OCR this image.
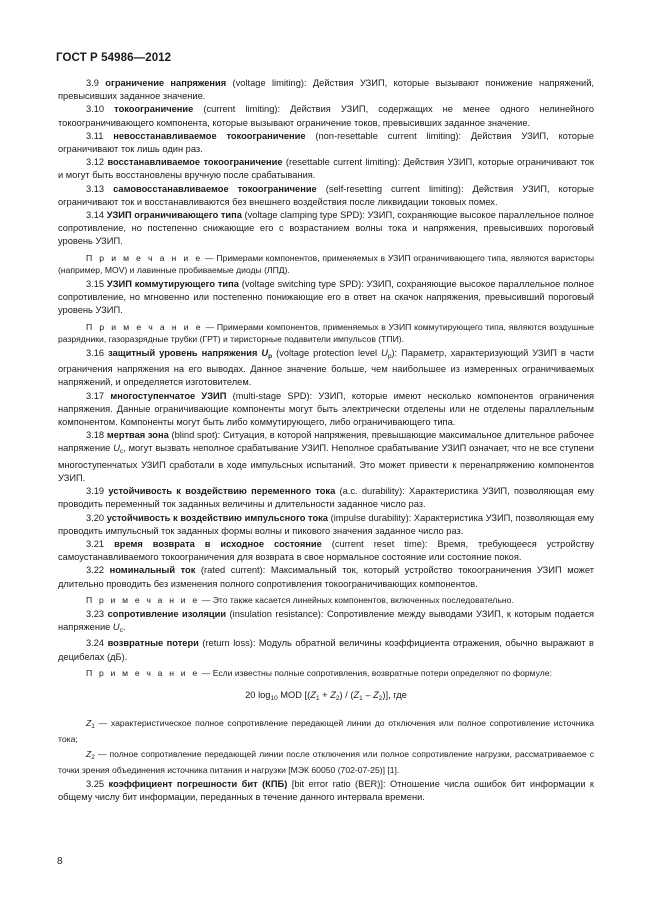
ГОСТ Р 54986—2012

3.9 ограничение напряжения (voltage limiting): Действия УЗИП, которые вызывают понижение напряжений, превысивших заданное значение.

3.10 токоограничение (current limiting): Действия УЗИП, содержащих не менее одного нелинейного токоограничивающего компонента, которые вызывают ограничение токов, превысивших заданное значение.

3.11 невосстанавливаемое токоограничение (non-resettable current limiting): Действия УЗИП, которые ограничивают ток лишь один раз.

3.12 восстанавливаемое токоограничение (resettable current limiting): Действия УЗИП, которые ограничивают ток и могут быть восстановлены вручную после срабатывания.

3.13 самовосстанавливаемое токоограничение (self-resetting current limiting): Действия УЗИП, которые ограничивают ток и восстанавливаются без внешнего воздействия после ликвидации токовых помех.

3.14 УЗИП ограничивающего типа (voltage clamping type SPD): УЗИП, сохраняющие высокое параллельное полное сопротивление, но постепенно снижающие его с возрастанием волны тока и напряжения, превысивших пороговый уровень УЗИП.

П р и м е ч а н и е — Примерами компонентов, применяемых в УЗИП ограничивающего типа, являются варисторы (например, MOV) и лавинные пробиваемые диоды (ЛПД).

3.15 УЗИП коммутирующего типа (voltage switching type SPD): УЗИП, сохраняющие высокое параллельное полное сопротивление, но мгновенно или постепенно понижающие его в ответ на скачок напряжения, превысивший пороговый уровень УЗИП.

П р и м е ч а н и е — Примерами компонентов, применяемых в УЗИП коммутирующего типа, являются воздушные разрядники, газоразрядные трубки (ГРТ) и тиристорные подавители импульсов (ТПИ).

3.16 защитный уровень напряжения $U_p$ (voltage protection level $U_p$): Параметр, характеризующий УЗИП в части ограничения напряжения на его выводах. Данное значение больше, чем наибольшее из измеренных ограничиваемых напряжений, и определяется изготовителем.

3.17 многоступенчатое УЗИП (multi-stage SPD): УЗИП, которые имеют несколько компонентов ограничения напряжения. Данные ограничивающие компоненты могут быть электрически отделены или не отделены параллельным компонентом. Компоненты могут быть либо коммутирующего, либо ограничивающего типа.

3.18 мертвая зона (blind spot): Ситуация, в которой напряжения, превышающие максимальное длительное рабочее напряжение $U_c$, могут вызвать неполное срабатывание УЗИП. Неполное срабатывание УЗИП означает, что не все ступени многоступенчатых УЗИП сработали в ходе импульсных испытаний. Это может привести к перенапряжению компонентов УЗИП.

3.19 устойчивость к воздействию переменного тока (a.c. durability): Характеристика УЗИП, позволяющая ему проводить переменный ток заданных величины и длительности заданное число раз.

3.20 устойчивость к воздействию импульсного тока (impulse durability): Характеристика УЗИП, позволяющая ему проводить импульсный ток заданных формы волны и пикового значения заданное число раз.

3.21 время возврата в исходное состояние (current reset time): Время, требующееся устройству самоустанавливаемого токоограничения для возврата в свое нормальное состояние или состояние покоя.

3.22 номинальный ток (rated current): Максимальный ток, который устройство токоограничения УЗИП может длительно проводить без изменения полного сопротивления токоограничивающих компонентов.

П р и м е ч а н и е — Это также касается линейных компонентов, включенных последовательно.

3.23 сопротивление изоляции (insulation resistance): Сопротивление между выводами УЗИП, к которым подается напряжение $U_c$.

3.24 возвратные потери (return loss): Модуль обратной величины коэффициента отражения, обычно выражают в децибелах (дБ).

П р и м е ч а н и е — Если известны полные сопротивления, возвратные потери определяют по формуле:

20 $\log_{10}$ MOD $[(Z_1 + Z_2) / (Z_1 - Z_2)]$, где

$Z_1$ — характеристическое полное сопротивление передающей линии до отключения или полное сопротивление источника тока;

$Z_2$ — полное сопротивление передающей линии после отключения или полное сопротивление нагрузки, рассматриваемое с точки зрения объединения источника питания и нагрузки [МЭК 60050 (702-07-25)] [1].

3.25 коэффициент погрешности бит (КПБ) [bit error ratio (BER)]: Отношение числа ошибок бит информации к общему числу бит информации, переданных в течение данного интервала времени.

8
